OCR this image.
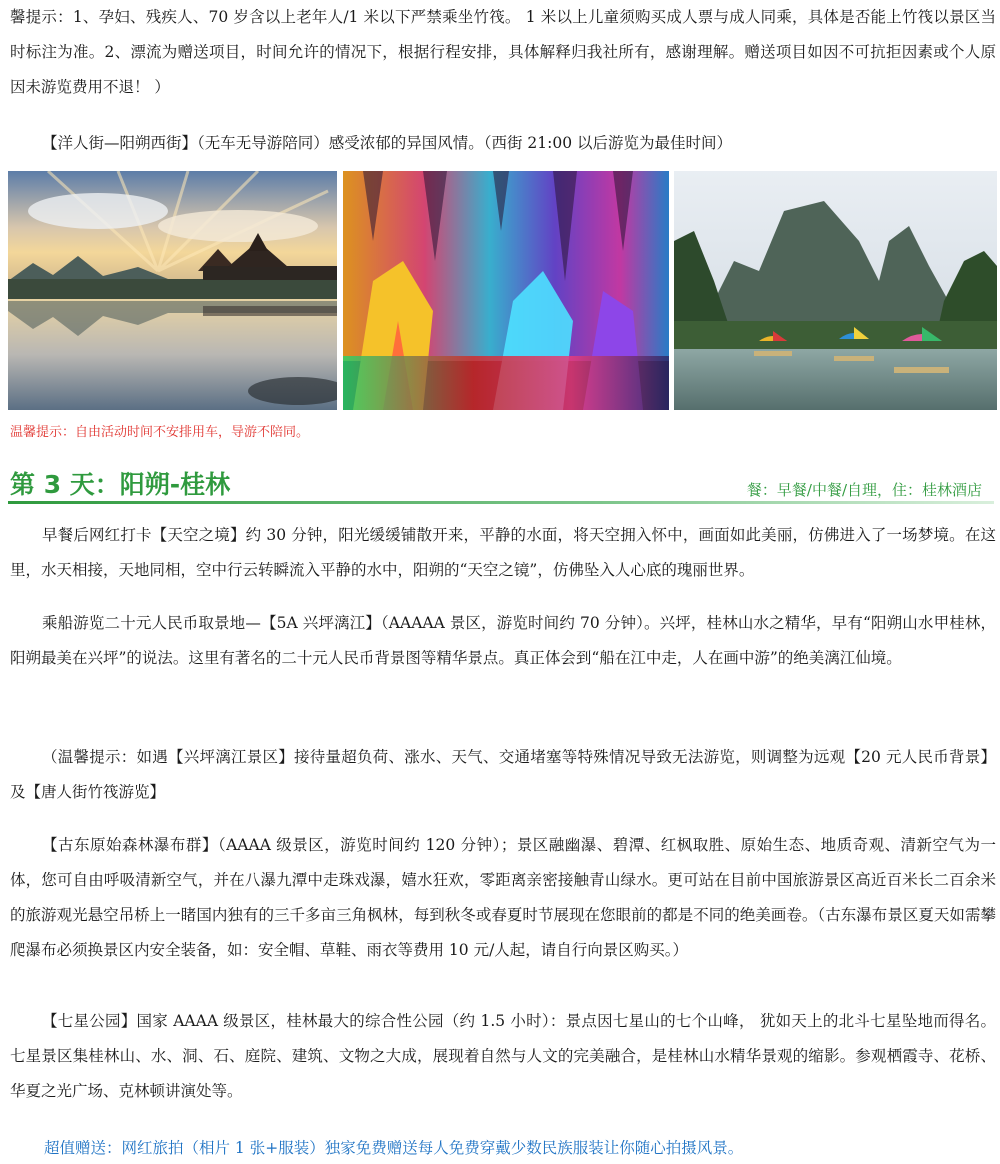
馨提示：1、孕妇、残疾人、70 岁含以上老年人/1 米以下严禁乘坐竹筏。 1 米以上儿童须购买成人票与成人同乘，具体是否能上竹筏以景区当时标注为准。2、漂流为赠送项目，时间允许的情况下，根据行程安排，具体解释归我社所有，感谢理解。赠送项目如因不可抗拒因素或个人原因未游览费用不退！ ）

【洋人街—阳朔西街】（无车无导游陪同）感受浓郁的异国风情。（西街 21:00 以后游览为最佳时间）

温馨提示：自由活动时间不安排用车，导游不陪同。

第 3 天：阳朔-桂林	餐：早餐/中餐/自理，住：桂林酒店

早餐后网红打卡【天空之境】约 30 分钟，阳光缓缓铺散开来，平静的水面，将天空拥入怀中，画面如此美丽，仿佛进入了一场梦境。在这里，水天相接，天地同相，空中行云转瞬流入平静的水中，阳朔的“天空之镜”，仿佛坠入人心底的瑰丽世界。

乘船游览二十元人民币取景地—【5A 兴坪漓江】（AAAAA 景区，游览时间约 70 分钟）。兴坪，桂林山水之精华，早有“阳朔山水甲桂林，阳朔最美在兴坪”的说法。这里有著名的二十元人民币背景图等精华景点。真正体会到“船在江中走，人在画中游”的绝美漓江仙境。

（温馨提示：如遇【兴坪漓江景区】接待量超负荷、涨水、天气、交通堵塞等特殊情况导致无法游览，则调整为远观【20 元人民币背景】及【唐人街竹筏游览】

【古东原始森林瀑布群】（AAAA 级景区，游览时间约 120 分钟）；景区融幽瀑、碧潭、红枫取胜、原始生态、地质奇观、清新空气为一体，您可自由呼吸清新空气，并在八瀑九潭中走珠戏瀑，嬉水狂欢，零距离亲密接触青山绿水。更可站在目前中国旅游景区高近百米长二百余米的旅游观光悬空吊桥上一睹国内独有的三千多亩三角枫林，每到秋冬或春夏时节展现在您眼前的都是不同的绝美画卷。（古东瀑布景区夏天如需攀爬瀑布必须换景区内安全装备，如：安全帽、草鞋、雨衣等费用 10 元/人起，请自行向景区购买。）

【七星公园】国家 AAAA 级景区，桂林最大的综合性公园（约 1.5 小时）：景点因七星山的七个山峰， 犹如天上的北斗七星坠地而得名。七星景区集桂林山、水、洞、石、庭院、建筑、文物之大成，展现着自然与人文的完美融合，是桂林山水精华景观的缩影。参观栖霞寺、花桥、华夏之光广场、克林顿讲演处等。

超值赠送：网红旅拍（相片 1 张+服装）独家免费赠送每人免费穿戴少数民族服装让你随心拍摄风景。
